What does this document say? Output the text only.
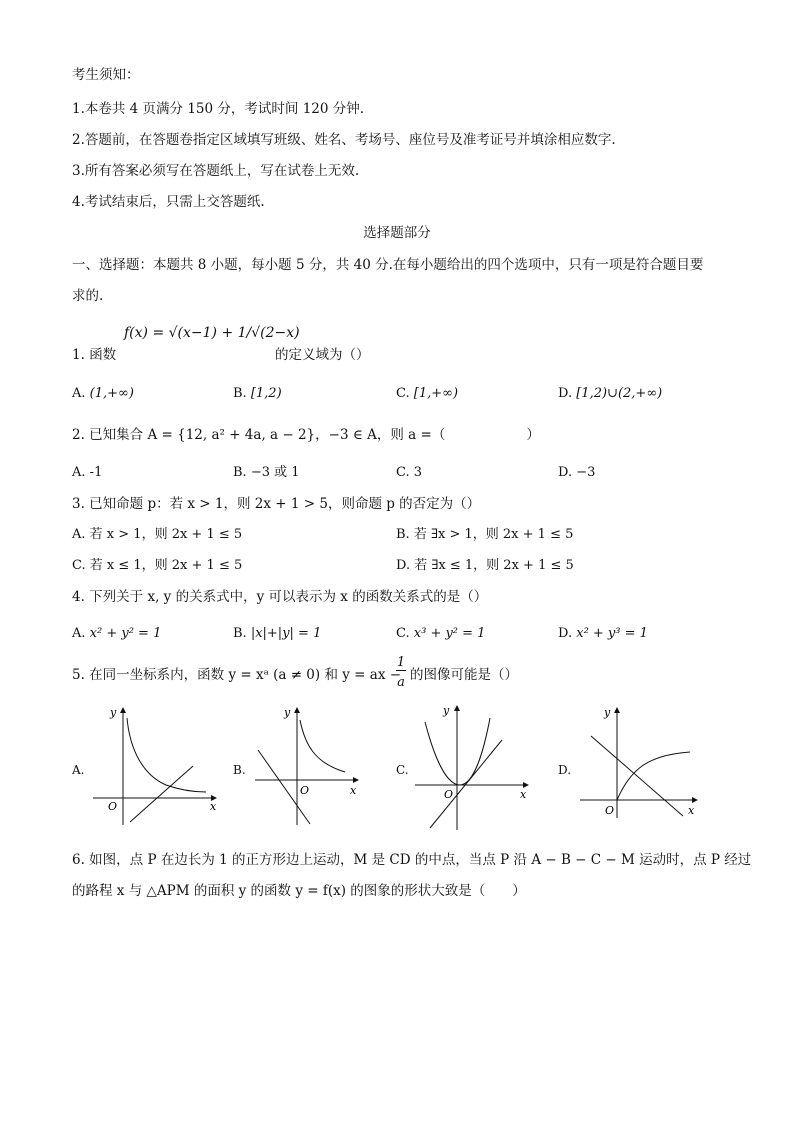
考生须知：
1.本卷共 4 页满分 150 分，考试时间 120 分钟.
2.答题前，在答题卷指定区域填写班级、姓名、考场号、座位号及准考证号并填涂相应数字.
3.所有答案必须写在答题纸上，写在试卷上无效.
4.考试结束后，只需上交答题纸.
选择题部分
一、选择题：本题共 8 小题，每小题 5 分，共 40 分.在每小题给出的四个选项中，只有一项是符合题目要
求的.
1. 函数
f(x) = √(x−1) + 1/√(2−x)
的定义域为（）
A. (1,+∞)	B. [1,2)	C. [1,+∞)	D. [1,2)∪(2,+∞)
2. 已知集合 A = {12, a² + 4a, a − 2}，−3 ∈ A，则 a =（　　　　　　）
A. -1	B. −3 或 1	C. 3	D. −3
3. 已知命题 p：若 x > 1，则 2x + 1 > 5，则命题 p 的否定为（）
A. 若 x > 1，则 2x + 1 ≤ 5	B. 若 ∃x > 1，则 2x + 1 ≤ 5
C. 若 x ≤ 1，则 2x + 1 ≤ 5	D. 若 ∃x ≤ 1，则 2x + 1 ≤ 5
4. 下列关于 x, y 的关系式中，y 可以表示为 x 的函数关系式的是（）
A. x² + y² = 1	B. |x|+|y| = 1	C. x³ + y² = 1	D. x² + y³ = 1
5. 在同一坐标系内，函数 y = xᵃ (a ≠ 0) 和 y = ax −
1
a 的图像可能是（）
A.	B.	C.	D.
y
O	x
y
O	x
y
O	x
y
O	x
6. 如图，点 P 在边长为 1 的正方形边上运动，M 是 CD 的中点，当点 P 沿 A − B − C − M 运动时，点 P 经过
的路程 x 与 △APM 的面积 y 的函数 y = f(x) 的图象的形状大致是（　　）
